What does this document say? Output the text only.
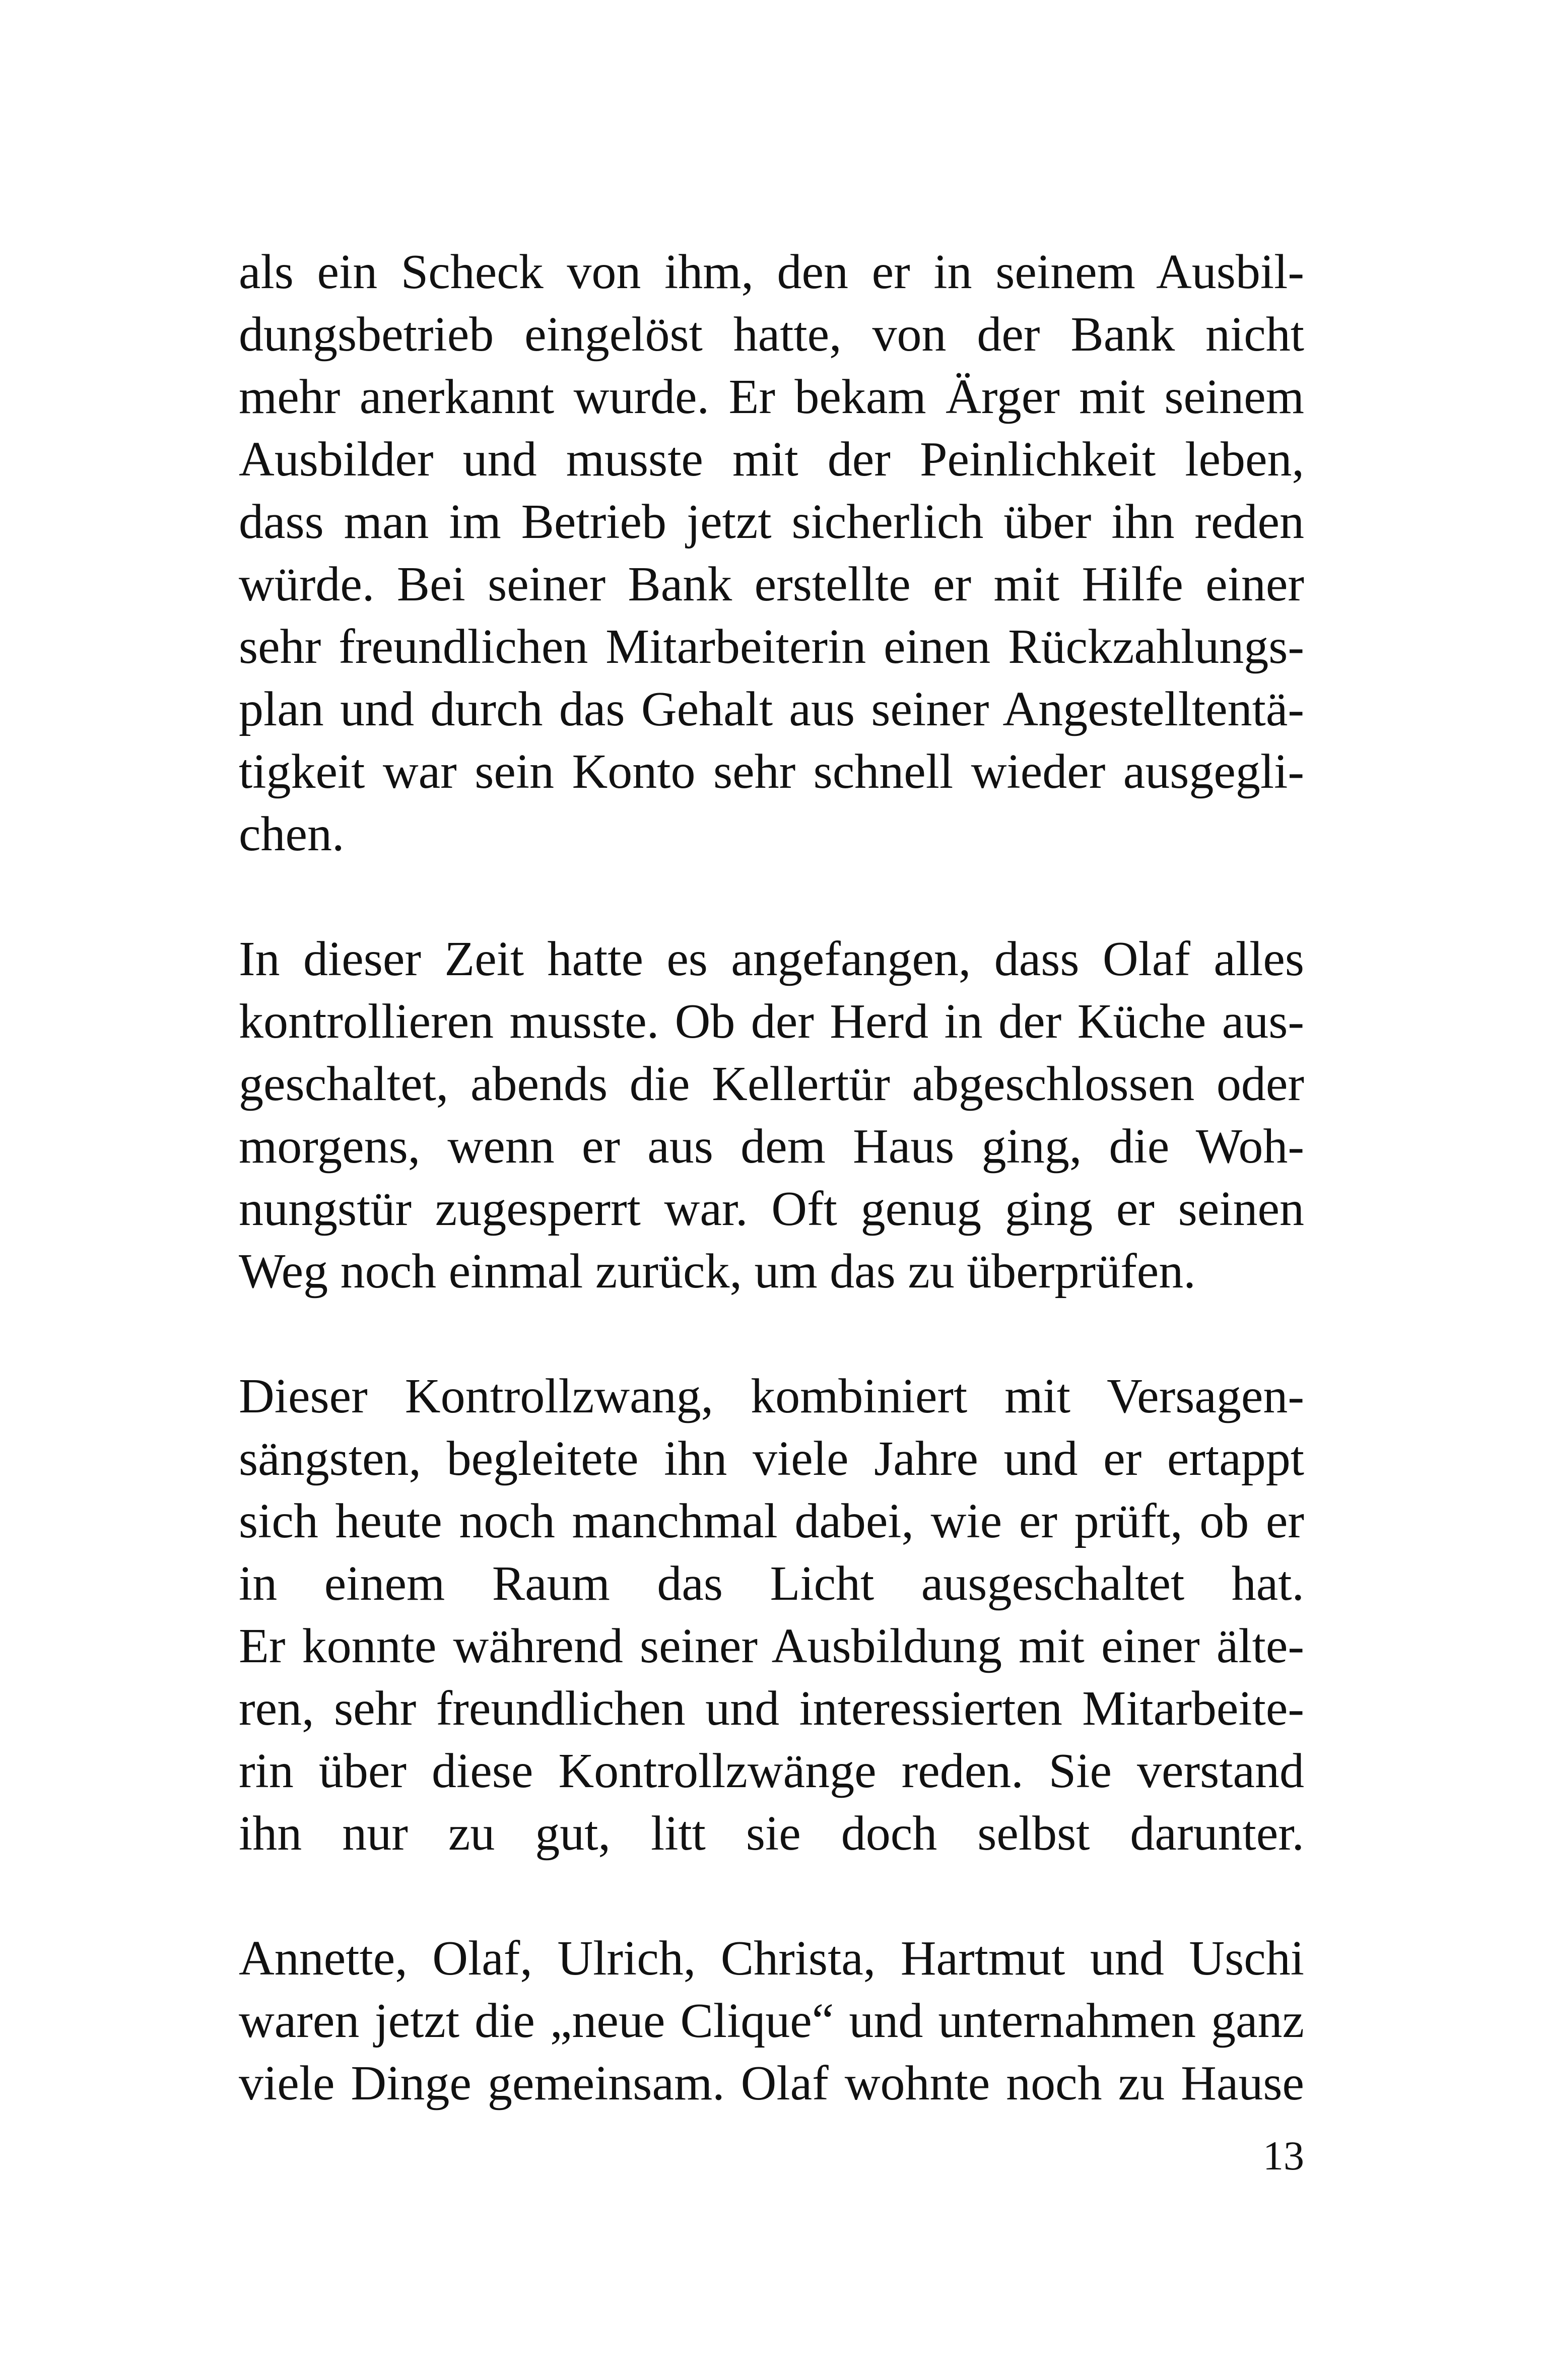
als ein Scheck von ihm, den er in seinem Ausbil-
dungsbetrieb eingelöst hatte, von der Bank nicht
mehr anerkannt wurde. Er bekam Ärger mit seinem
Ausbilder und musste mit der Peinlichkeit leben,
dass man im Betrieb jetzt sicherlich über ihn reden
würde. Bei seiner Bank erstellte er mit Hilfe einer
sehr freundlichen Mitarbeiterin einen Rückzahlungs-
plan und durch das Gehalt aus seiner Angestelltentä-
tigkeit war sein Konto sehr schnell wieder ausgegli-
chen.

In dieser Zeit hatte es angefangen, dass Olaf alles
kontrollieren musste. Ob der Herd in der Küche aus-
geschaltet, abends die Kellertür abgeschlossen oder
morgens, wenn er aus dem Haus ging, die Woh-
nungstür zugesperrt war. Oft genug ging er seinen
Weg noch einmal zurück, um das zu überprüfen.

Dieser Kontrollzwang, kombiniert mit Versagen-
sängsten, begleitete ihn viele Jahre und er ertappt
sich heute noch manchmal dabei, wie er prüft, ob er
in einem Raum das Licht ausgeschaltet hat.
Er konnte während seiner Ausbildung mit einer älte-
ren, sehr freundlichen und interessierten Mitarbeite-
rin über diese Kontrollzwänge reden. Sie verstand
ihn nur zu gut, litt sie doch selbst darunter.

Annette, Olaf, Ulrich, Christa, Hartmut und Uschi
waren jetzt die „neue Clique“ und unternahmen ganz
viele Dinge gemeinsam. Olaf wohnte noch zu Hause

13
